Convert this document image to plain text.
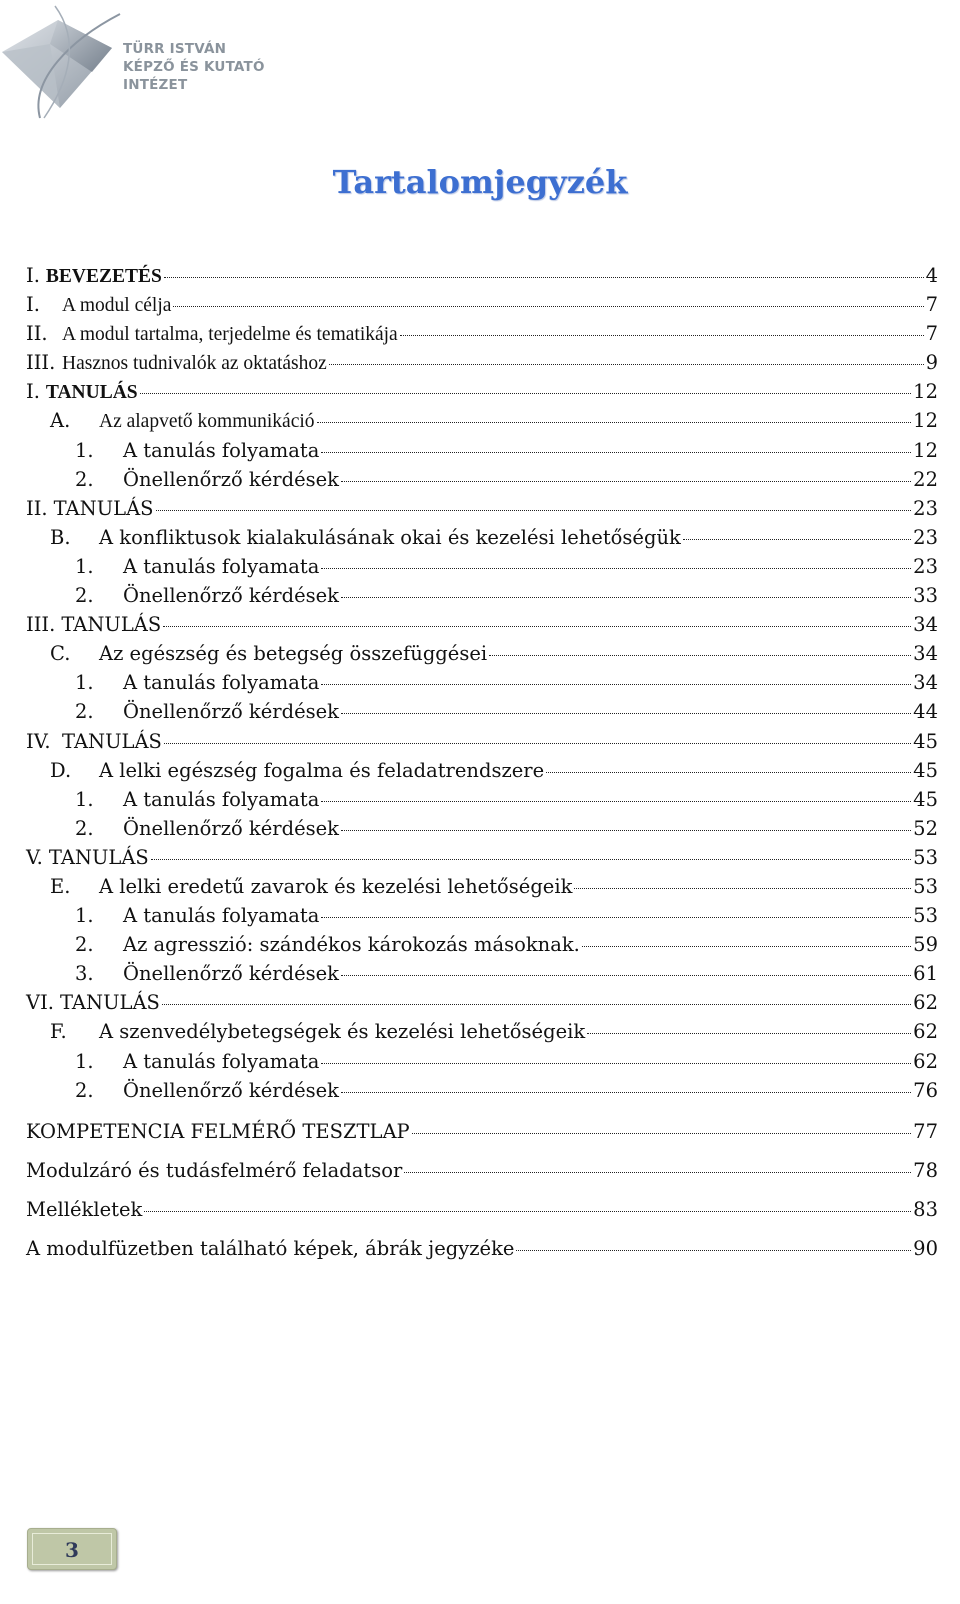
TÜRR ISTVÁN
KÉPZŐ ÉS KUTATÓ
INTÉZET
Tartalomjegyzék
I. BEVEZETÉS	4
I.	A modul célja	7
II. A modul tartalma, terjedelme és tematikája	7
III. Hasznos tudnivalók az oktatáshoz	9
I. TANULÁS	12
A.	Az alapvető kommunikáció	12
1.	A tanulás folyamata	12
2.	Önellenőrző kérdések	22
II. TANULÁS	23
B.	A konfliktusok kialakulásának okai és kezelési lehetőségük	23
1.	A tanulás folyamata	23
2.	Önellenőrző kérdések	33
III. TANULÁS	34
C.	Az egészség és betegség összefüggései	34
1.	A tanulás folyamata	34
2.	Önellenőrző kérdések	44
IV. TANULÁS	45
D.	A lelki egészség fogalma és feladatrendszere	45
1.	A tanulás folyamata	45
2.	Önellenőrző kérdések	52
V. TANULÁS	53
E.	A lelki eredetű zavarok és kezelési lehetőségeik	53
1.	A tanulás folyamata	53
2.	Az agresszió: szándékos károkozás másoknak.	59
3.	Önellenőrző kérdések	61
VI. TANULÁS	62
F.	A szenvedélybetegségek és kezelési lehetőségeik	62
1.	A tanulás folyamata	62
2.	Önellenőrző kérdések	76
KOMPETENCIA FELMÉRŐ TESZTLAP	77
Modulzáró és tudásfelmérő feladatsor	78
Mellékletek	83
A modulfüzetben található képek, ábrák jegyzéke	90
3
